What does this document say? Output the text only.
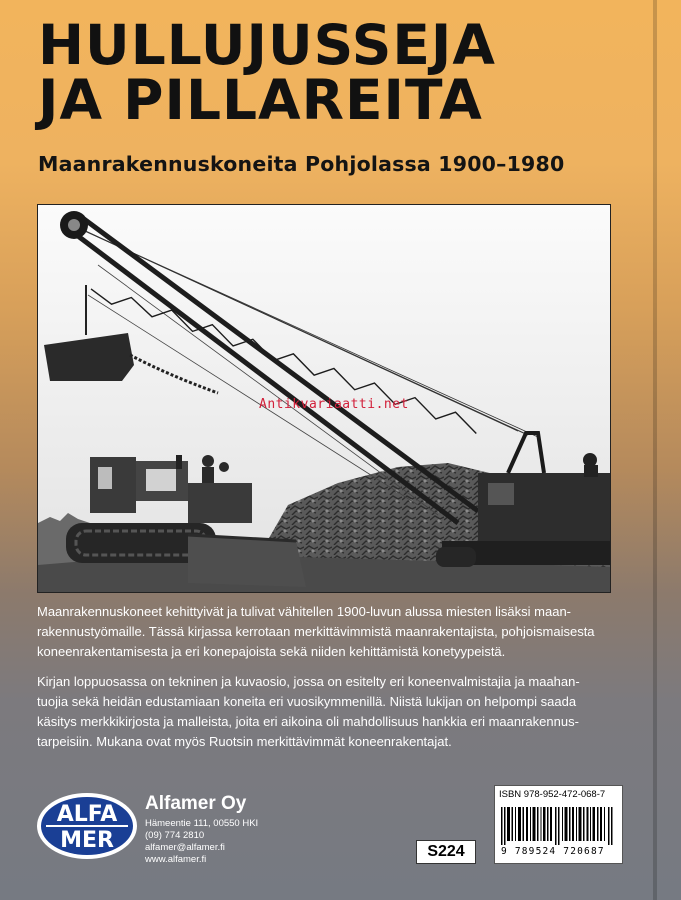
HULLUJUSSEJA
JA PILLAREITA
Maanrakennuskoneita Pohjolassa 1900–1980
Antikvariaatti.net

Maanrakennuskoneet kehittyivät ja tulivat vähitellen 1900-luvun alussa miesten lisäksi maan-
rakennustyömaille. Tässä kirjassa kerrotaan merkittävimmistä maanrakentajista, pohjoismaisesta
koneenrakentamisesta ja eri konepajoista sekä niiden kehittämistä konetyypeistä.

Kirjan loppuosassa on tekninen ja kuvaosio, jossa on esitelty eri koneenvalmistajia ja maahan-
tuojia sekä heidän edustamiaan koneita eri vuosikymmenillä. Niistä lukijan on helpompi saada
käsitys merkkikirjosta ja malleista, joita eri aikoina oli mahdollisuus hankkia eri maanrakennus-
tarpeisiin. Mukana ovat myös Ruotsin merkittävimmät koneenrakentajat.

ALFA
MER
Alfamer Oy
Hämeentie 111, 00550 HKI
(09) 774 2810
alfamer@alfamer.fi
www.alfamer.fi	S224
ISBN 978-952-472-068-7
9 789524 720687
